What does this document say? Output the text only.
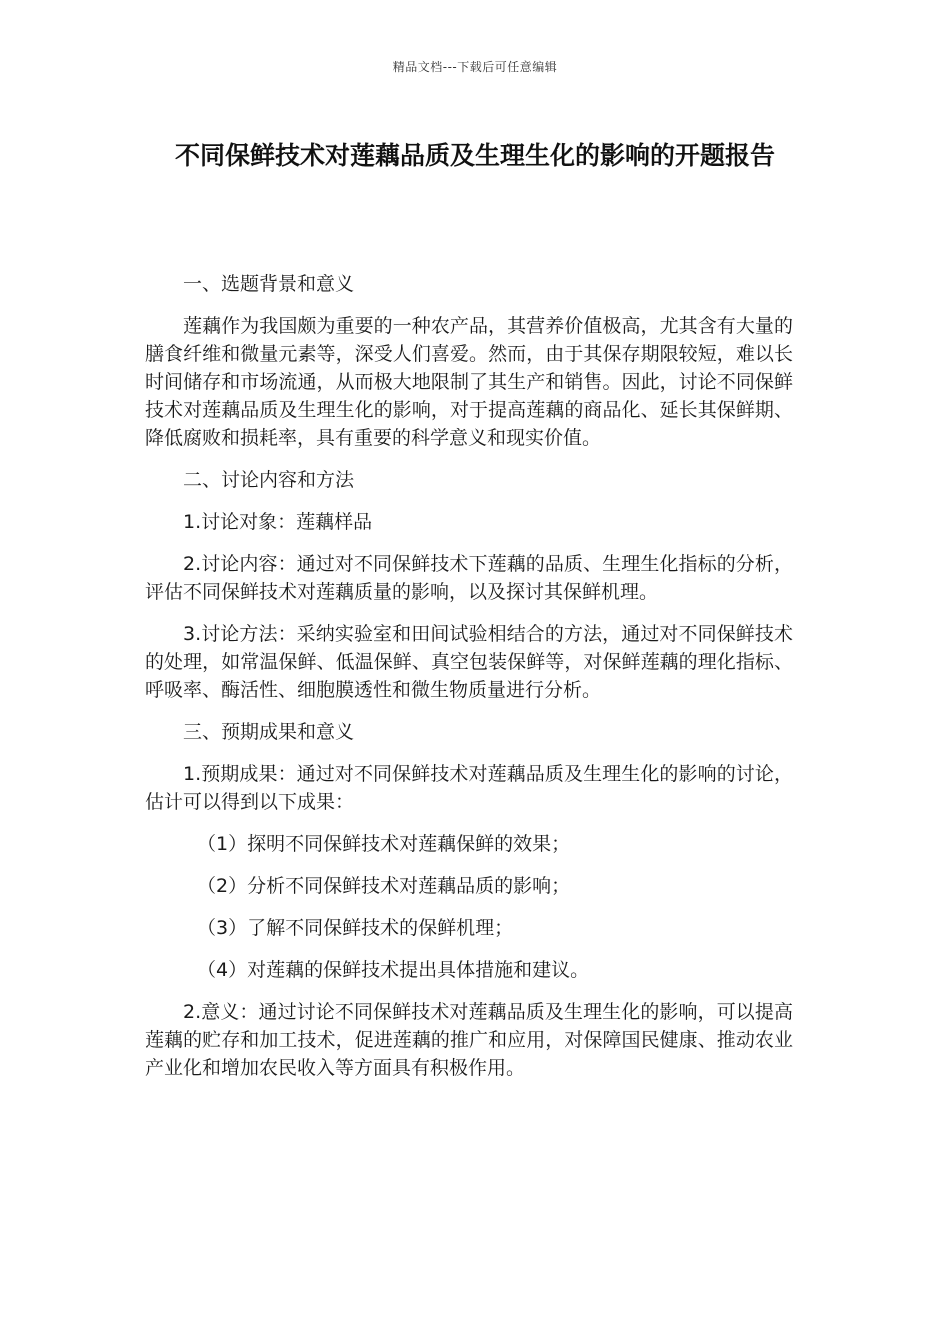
精品文档---下载后可任意编辑
不同保鲜技术对莲藕品质及生理生化的影响的开题报告

一、选题背景和意义

莲藕作为我国颇为重要的一种农产品，其营养价值极高，尤其含有大量的膳食纤维和微量元素等，深受人们喜爱。然而，由于其保存期限较短，难以长时间储存和市场流通，从而极大地限制了其生产和销售。因此，讨论不同保鲜技术对莲藕品质及生理生化的影响，对于提高莲藕的商品化、延长其保鲜期、降低腐败和损耗率，具有重要的科学意义和现实价值。

二、讨论内容和方法

1.讨论对象：莲藕样品

2.讨论内容：通过对不同保鲜技术下莲藕的品质、生理生化指标的分析，评估不同保鲜技术对莲藕质量的影响，以及探讨其保鲜机理。

3.讨论方法：采纳实验室和田间试验相结合的方法，通过对不同保鲜技术的处理，如常温保鲜、低温保鲜、真空包装保鲜等，对保鲜莲藕的理化指标、呼吸率、酶活性、细胞膜透性和微生物质量进行分析。

三、预期成果和意义

1.预期成果：通过对不同保鲜技术对莲藕品质及生理生化的影响的讨论，估计可以得到以下成果：

（1）探明不同保鲜技术对莲藕保鲜的效果；

（2）分析不同保鲜技术对莲藕品质的影响；

（3）了解不同保鲜技术的保鲜机理；

（4）对莲藕的保鲜技术提出具体措施和建议。

2.意义：通过讨论不同保鲜技术对莲藕品质及生理生化的影响，可以提高莲藕的贮存和加工技术，促进莲藕的推广和应用，对保障国民健康、推动农业产业化和增加农民收入等方面具有积极作用。
